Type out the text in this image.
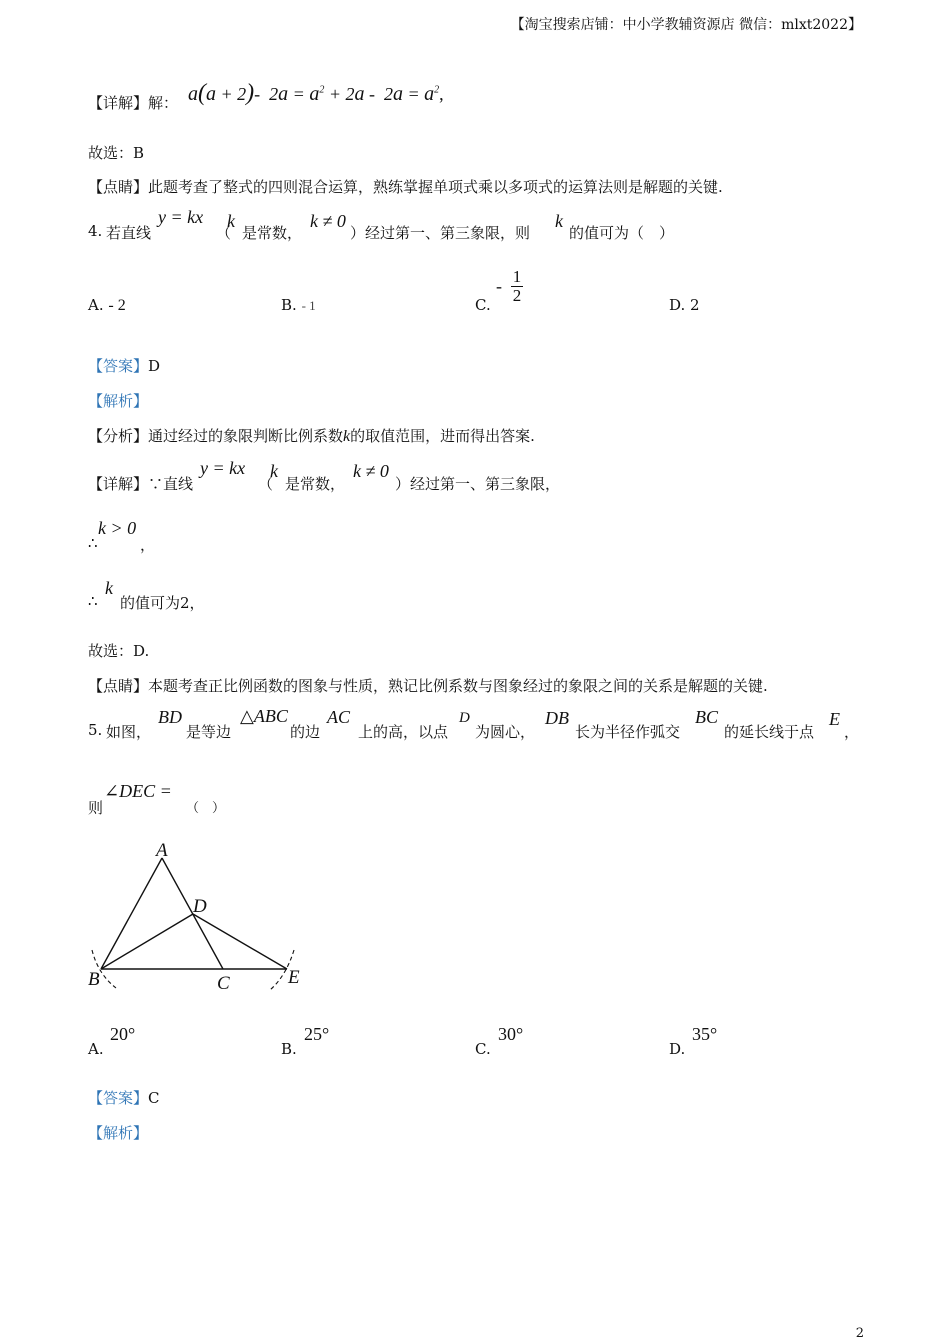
【淘宝搜索店铺：中小学教辅资源店 微信：mlxt2022】
【详解】解： a(a + 2)-  $2a = a^2 + 2a - 2a = a^2$,
故选：B
【点睛】此题考查了整式的四则混合运算，熟练掌握单项式乘以多项式的运算法则是解题的关键.
4. 若直线
y = kx
（
k
是常数，
k ≠ 0
）经过第一、第三象限，则
k
的值可为（　）
A. - 2	B. - 1	C.
- $\frac{1}{2}$	D. 2
【答案】D
【解析】
【分析】通过经过的象限判断比例系数k的取值范围，进而得出答案.
【详解】∵直线
y = kx
（
k
是常数，
k ≠ 0
）经过第一、第三象限，
∴
k > 0
，
∴
k
的值可为2，
故选：D.
【点睛】本题考查正比例函数的图象与性质，熟记比例系数与图象经过的象限之间的关系是解题的关键.
5. 如图，
BD
是等边
△ABC
的边
AC
上的高，以点
D
为圆心，
DB
长为半径作弧交
BC
的延长线于点
E
，
则
∠DEC =
（　）
A
B	C
D
E
A.
20°
B.
25°
C.
30°
D.
35°
【答案】C
【解析】
2
